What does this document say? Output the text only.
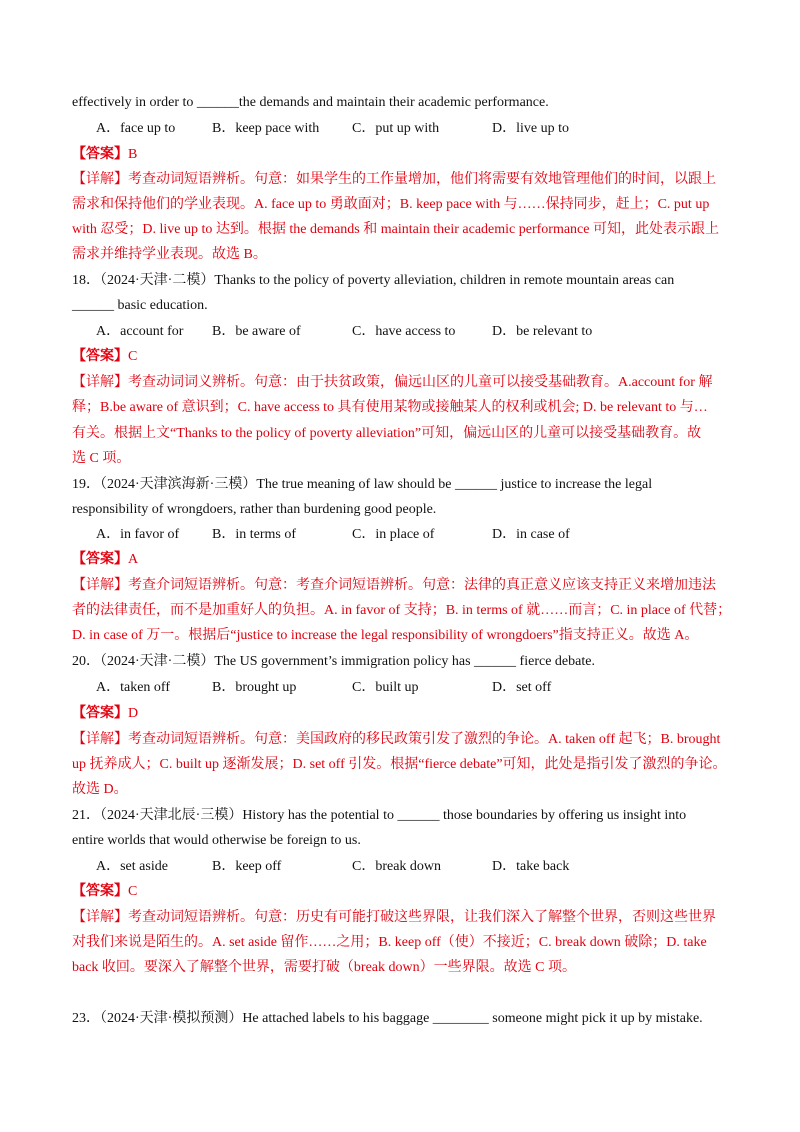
effectively in order to ______the demands and maintain their academic performance.
A．face up to	B．keep pace with C．put up with	D．live up to
【答案】B
【详解】考查动词短语辨析。句意：如果学生的工作量增加，他们将需要有效地管理他们的时间，以跟上
需求和保持他们的学业表现。A. face up to 勇敢面对；B. keep pace with 与……保持同步，赶上；C. put up
with 忍受；D. live up to 达到。根据 the demands 和 maintain their academic performance 可知，此处表示跟上
需求并维持学业表现。故选 B。
18．（2024·天津·二模）Thanks to the policy of poverty alleviation, children in remote mountain areas can
______ basic education.
A．account for B．be aware of	C．have access to	D．be relevant to
【答案】C
【详解】考查动词词义辨析。句意：由于扶贫政策，偏远山区的儿童可以接受基础教育。A.account for 解
释；B.be aware of 意识到；C. have access to 具有使用某物或接触某人的权利或机会; D. be relevant to 与…
有关。根据上文“Thanks to the policy of poverty alleviation”可知，偏远山区的儿童可以接受基础教育。故
选 C 项。
19．（2024·天津滨海新·三模）The true meaning of law should be ______ justice to increase the legal
responsibility of wrongdoers, rather than burdening good people.
A．in favor of B．in terms of	C．in place of	D．in case of
【答案】A
【详解】考查介词短语辨析。句意：考查介词短语辨析。句意：法律的真正意义应该支持正义来增加违法
者的法律责任，而不是加重好人的负担。A. in favor of 支持；B. in terms of 就……而言；C. in place of 代替；
D. in case of 万一。根据后“justice to increase the legal responsibility of wrongdoers”指支持正义。故选 A。
20．（2024·天津·二模）The US government’s immigration policy has ______ fierce debate.
A．taken off	B．brought up	C．built up	D．set off
【答案】D
【详解】考查动词短语辨析。句意：美国政府的移民政策引发了激烈的争论。A. taken off 起飞；B. brought
up 抚养成人；C. built up 逐渐发展；D. set off 引发。根据“fierce debate”可知，此处是指引发了激烈的争论。
故选 D。
21．（2024·天津北辰·三模）History has the potential to ______ those boundaries by offering us insight into
entire worlds that would otherwise be foreign to us.
A．set aside	B．keep off	C．break down	D．take back
【答案】C
【详解】考查动词短语辨析。句意：历史有可能打破这些界限，让我们深入了解整个世界，否则这些世界
对我们来说是陌生的。A. set aside 留作……之用；B. keep off（使）不接近；C. break down 破除；D. take
back 收回。要深入了解整个世界，需要打破（break down）一些界限。故选 C 项。
23．（2024·天津·模拟预测）He attached labels to his baggage ________ someone might pick it up by mistake.
